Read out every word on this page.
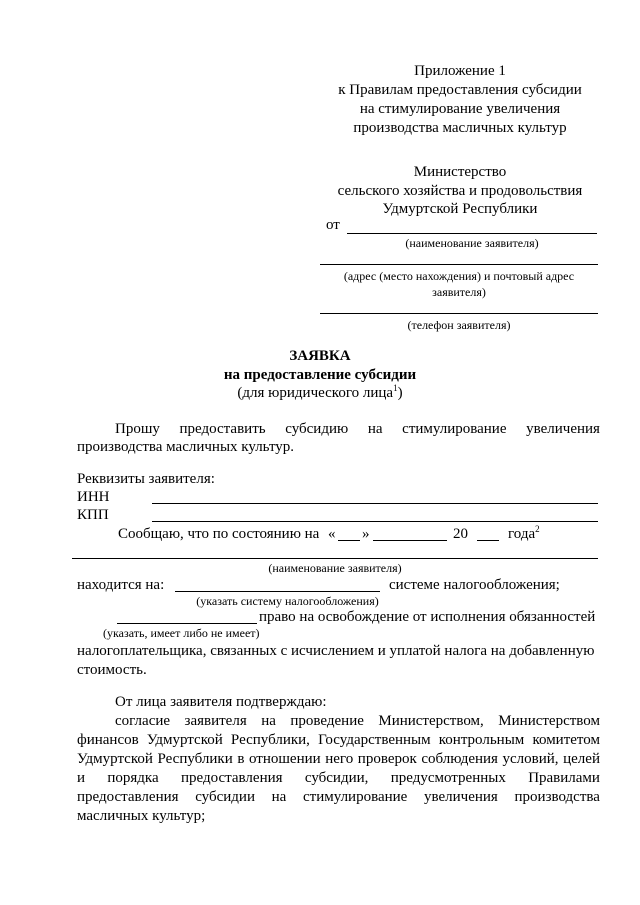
Приложение 1
к Правилам предоставления субсидии
на стимулирование увеличения
производства масличных культур
Министерство
сельского хозяйства и продовольствия
Удмуртской Республики
от
(наименование заявителя)
(адрес (место нахождения) и почтовый адрес
заявителя)
(телефон заявителя)
ЗАЯВКА
на предоставление субсидии
(для юридического лица$^1$)
Прошу предоставить субсидию на стимулирование увеличения
производства масличных культур.
Реквизиты заявителя:
ИНН
КПП
Сообщаю, что по состоянию на « »	20	года$^2$
(наименование заявителя)
находится на:	системе налогообложения;
(указать систему налогообложения)
право на освобождение от исполнения обязанностей
(указать, имеет либо не имеет)
налогоплательщика, связанных с исчислением и уплатой налога на добавленную
стоимость.
От лица заявителя подтверждаю:
согласие заявителя на проведение Министерством, Министерством
финансов Удмуртской Республики, Государственным контрольным комитетом
Удмуртской Республики в отношении него проверок соблюдения условий, целей
и порядка предоставления субсидии, предусмотренных Правилами
предоставления субсидии на стимулирование увеличения производства
масличных культур;
